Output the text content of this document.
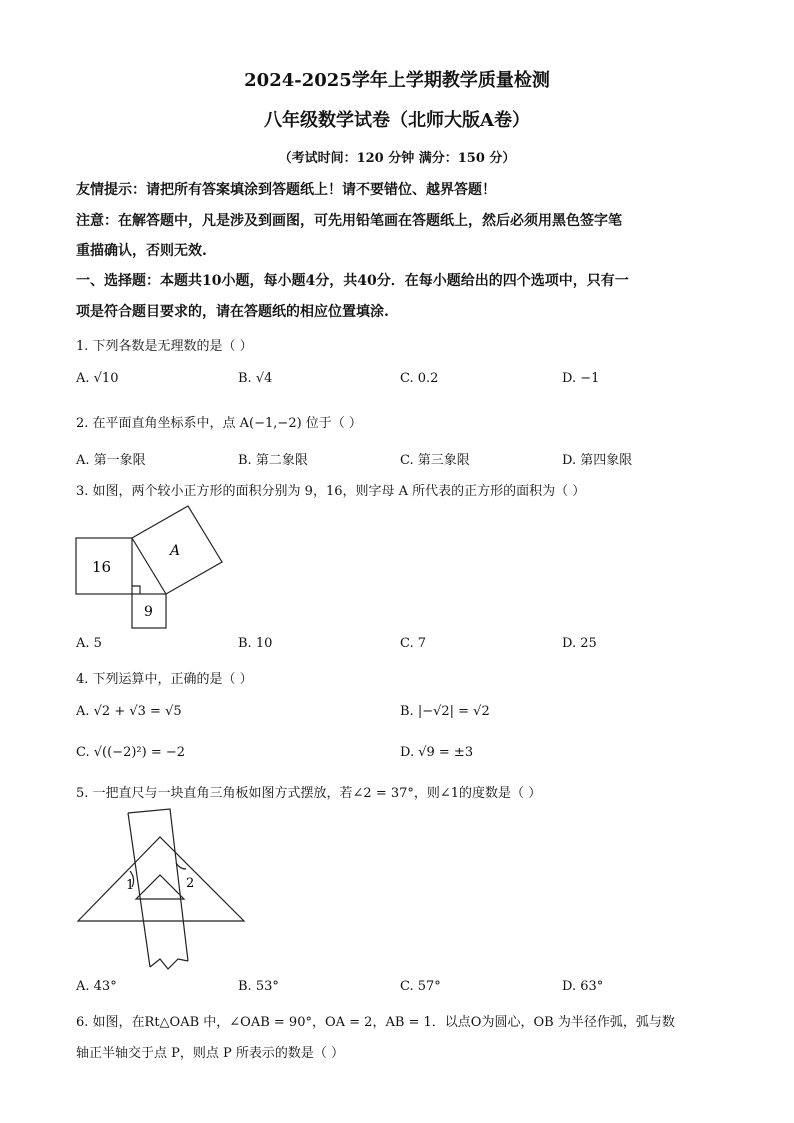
2024-2025学年上学期教学质量检测
八年级数学试卷（北师大版A卷）
（考试时间：120 分钟 满分：150 分）
友情提示：请把所有答案填涂到答题纸上！请不要错位、越界答题！
注意：在解答题中，凡是涉及到画图，可先用铅笔画在答题纸上，然后必须用黑色签字笔
重描确认，否则无效.
一、选择题：本题共10小题，每小题4分，共40分．在每小题给出的四个选项中，只有一
项是符合题目要求的，请在答题纸的相应位置填涂.
1. 下列各数是无理数的是（ ）
A. √10	B. √4	C. 0.2	D. −1
2. 在平面直角坐标系中，点 A(−1,−2) 位于（ ）
A. 第一象限	B. 第二象限	C. 第三象限	D. 第四象限
3. 如图，两个较小正方形的面积分别为 9，16，则字母 A 所代表的正方形的面积为（ ）
16
A
9
A. 5	B. 10	C. 7	D. 25
4. 下列运算中，正确的是（ ）
A. √2 + √3 = √5	B. |−√2| = √2
C. √((−2)²) = −2	D. √9 = ±3
5. 一把直尺与一块直角三角板如图方式摆放，若∠2 = 37°，则∠1的度数是（ ）
1	2
A. 43°	B. 53°	C. 57°	D. 63°
6. 如图，在Rt△OAB 中，∠OAB = 90°，OA = 2，AB = 1．以点O为圆心，OB 为半径作弧，弧与数
轴正半轴交于点 P，则点 P 所表示的数是（ ）
